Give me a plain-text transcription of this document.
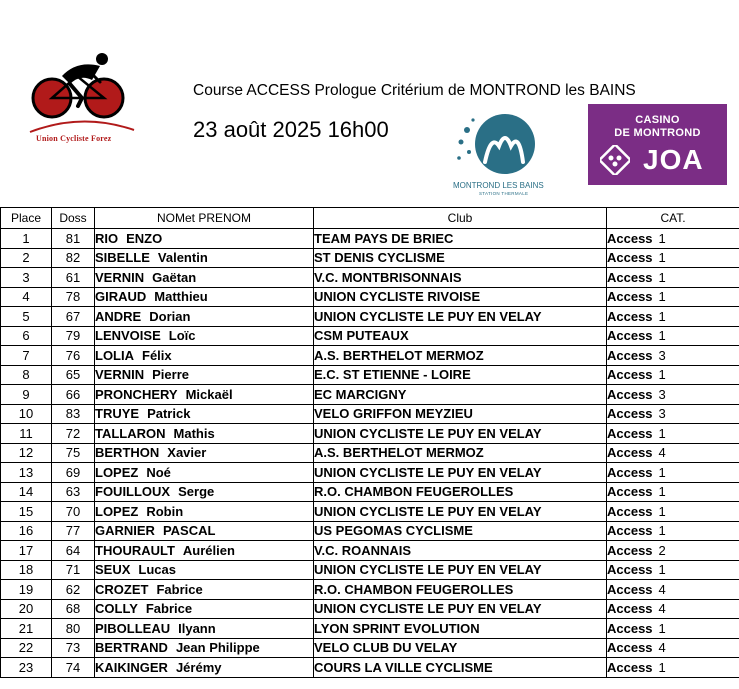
Union Cycliste Forez
Course ACCESS Prologue Critérium de MONTROND les BAINS
23 août 2025 16h00
MONTROND LES BAINS
STATION THERMALE
CASINO
DE MONTROND
JOA
Place	Doss	NOMet PRENOM	Club	CAT.
1	81	RIO ENZO	TEAM PAYS DE BRIEC	Access 1
2	82	SIBELLE Valentin	ST DENIS CYCLISME	Access 1
3	61	VERNIN Gaëtan	V.C. MONTBRISONNAIS	Access 1
4	78	GIRAUD Matthieu	UNION CYCLISTE RIVOISE	Access 1
5	67	ANDRE Dorian	UNION CYCLISTE LE PUY EN VELAY	Access 1
6	79	LENVOISE Loïc	CSM PUTEAUX	Access 1
7	76	LOLIA Félix	A.S. BERTHELOT MERMOZ	Access 3
8	65	VERNIN Pierre	E.C. ST ETIENNE - LOIRE	Access 1
9	66	PRONCHERY Mickaël	EC MARCIGNY	Access 3
10	83	TRUYE Patrick	VELO GRIFFON MEYZIEU	Access 3
11	72	TALLARON Mathis	UNION CYCLISTE LE PUY EN VELAY	Access 1
12	75	BERTHON Xavier	A.S. BERTHELOT MERMOZ	Access 4
13	69	LOPEZ Noé	UNION CYCLISTE LE PUY EN VELAY	Access 1
14	63	FOUILLOUX Serge	R.O. CHAMBON FEUGEROLLES	Access 1
15	70	LOPEZ Robin	UNION CYCLISTE LE PUY EN VELAY	Access 1
16	77	GARNIER PASCAL	US PEGOMAS CYCLISME	Access 1
17	64	THOURAULT Aurélien	V.C. ROANNAIS	Access 2
18	71	SEUX Lucas	UNION CYCLISTE LE PUY EN VELAY	Access 1
19	62	CROZET Fabrice	R.O. CHAMBON FEUGEROLLES	Access 4
20	68	COLLY Fabrice	UNION CYCLISTE LE PUY EN VELAY	Access 4
21	80	PIBOLLEAU Ilyann	LYON SPRINT EVOLUTION	Access 1
22	73	BERTRAND Jean Philippe	VELO CLUB DU VELAY	Access 4
23	74	KAIKINGER Jérémy	COURS LA VILLE CYCLISME	Access 1
